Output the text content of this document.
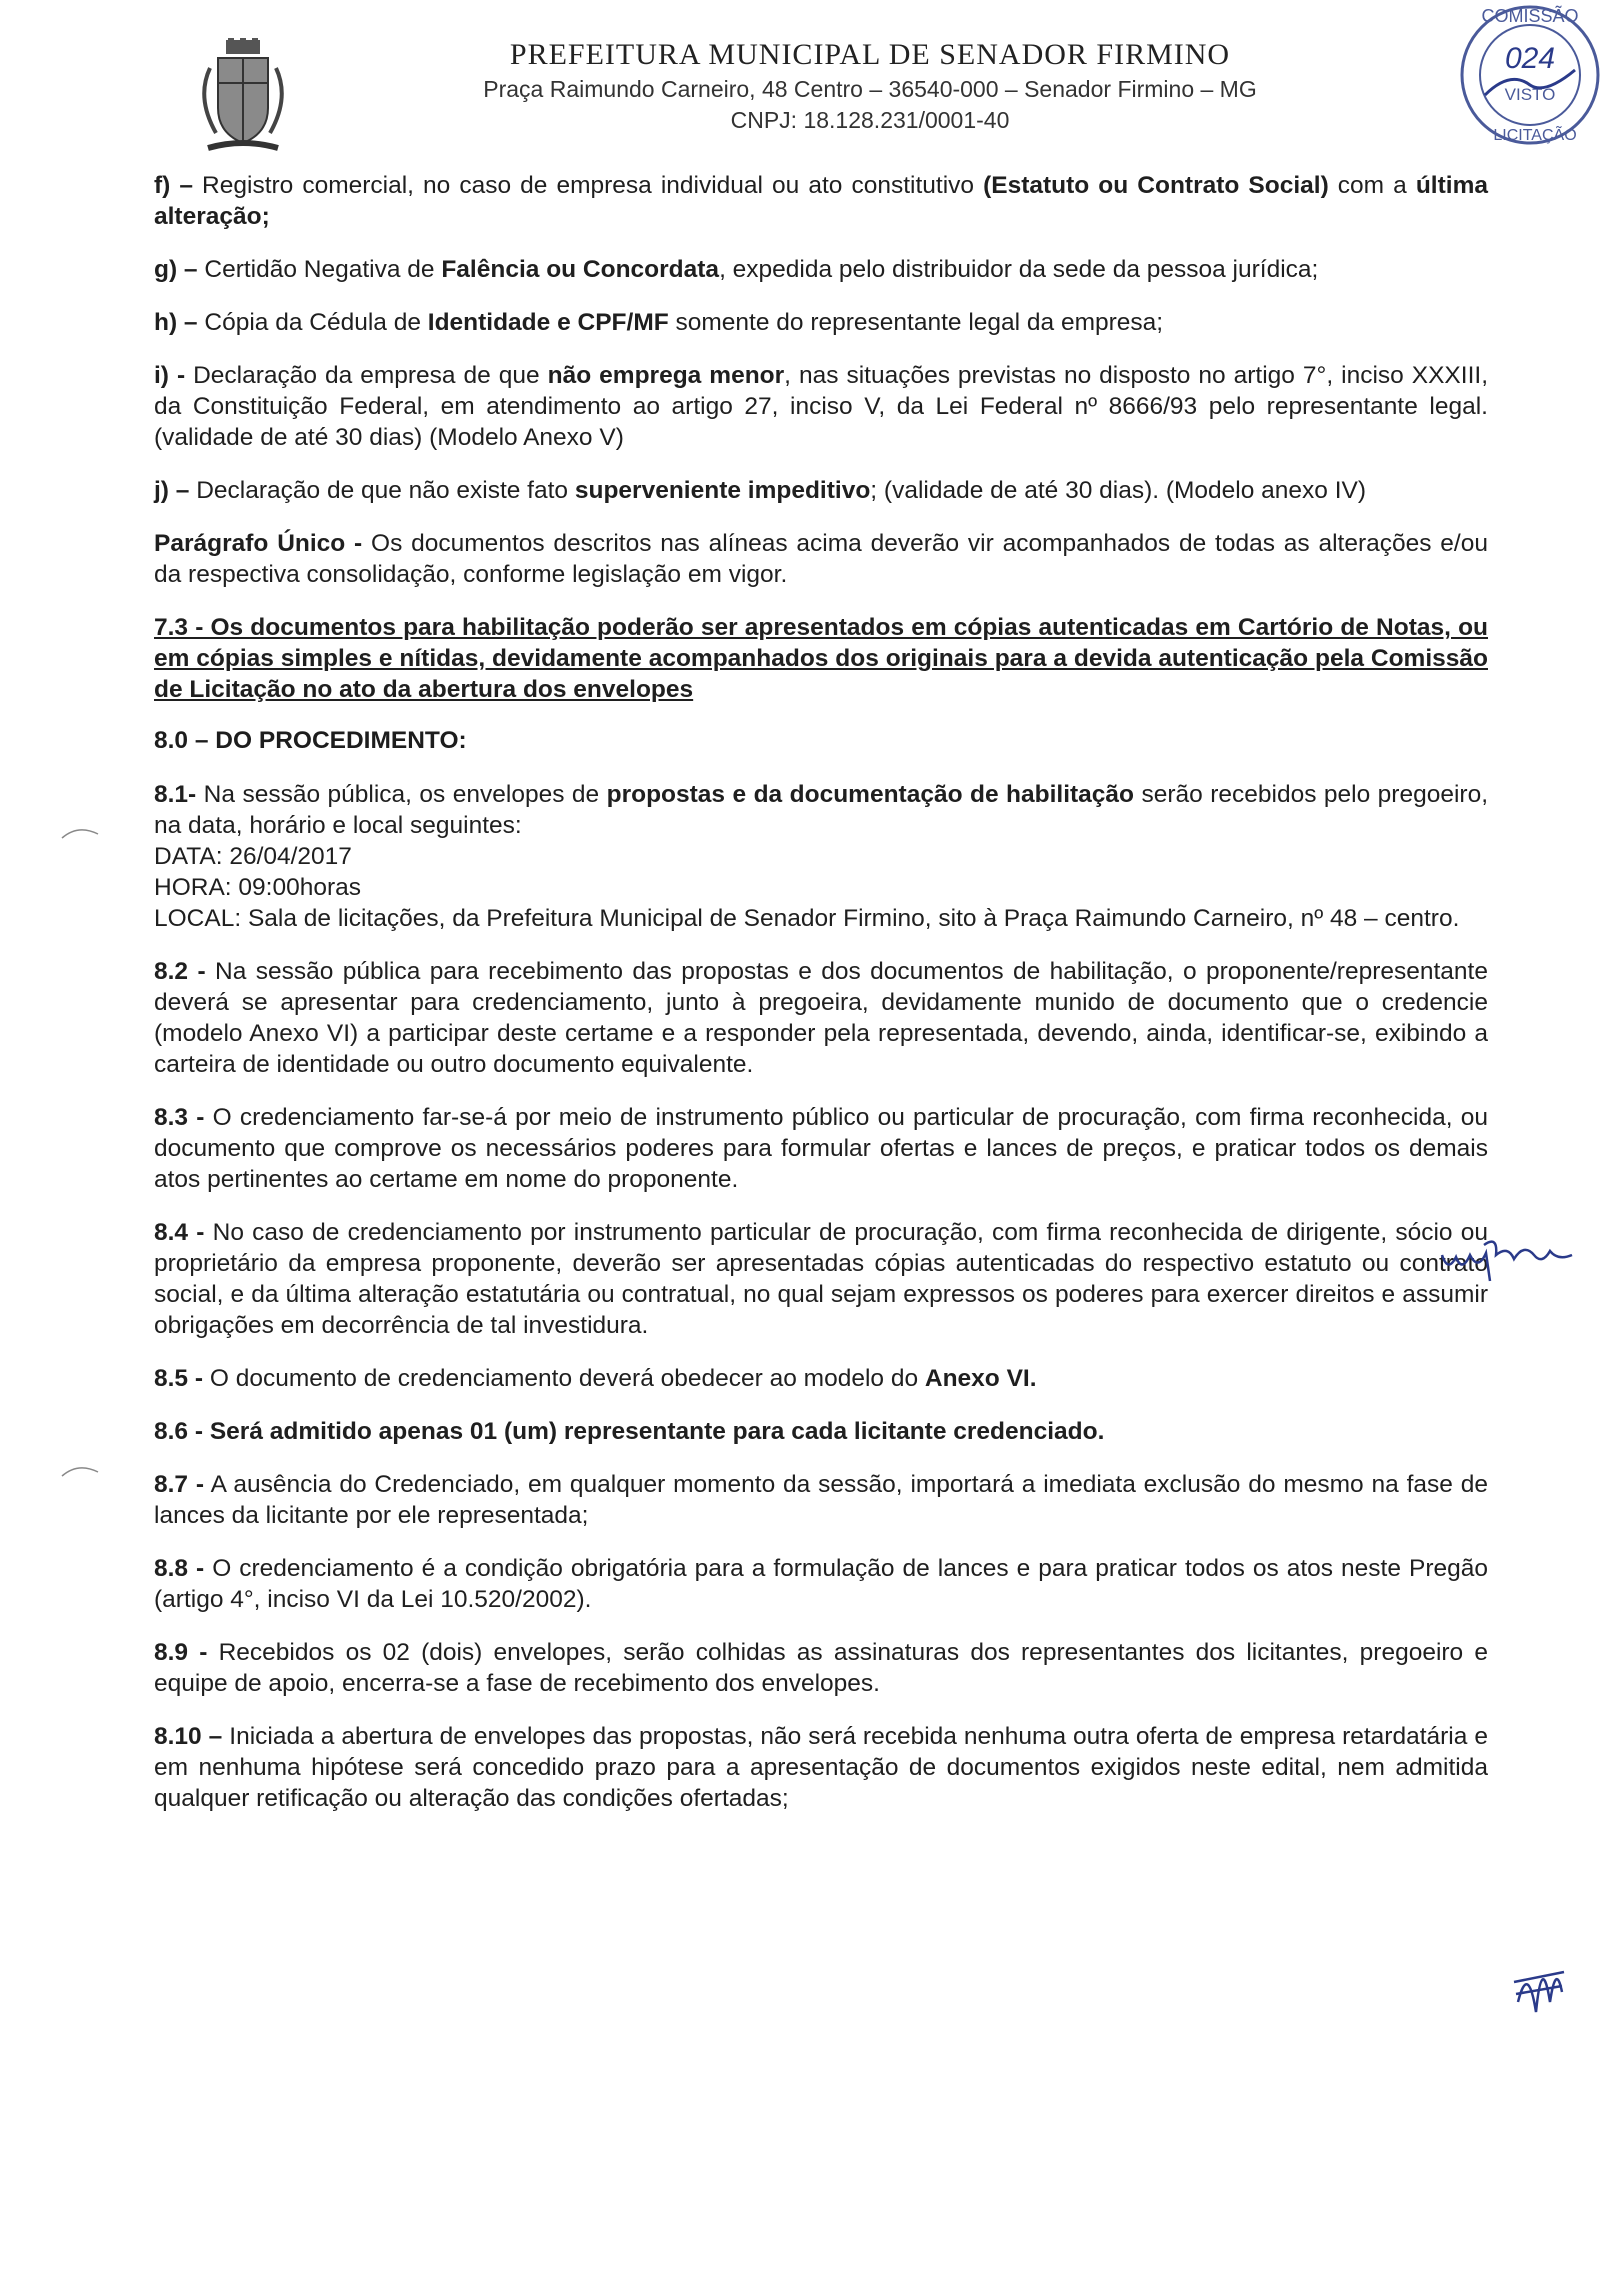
PREFEITURA MUNICIPAL DE SENADOR FIRMINO
Praça Raimundo Carneiro, 48 Centro – 36540-000 – Senador Firmino – MG
CNPJ: 18.128.231/0001-40
COMISSÃO
024
VISTO
LICITAÇÃO

f) – Registro comercial, no caso de empresa individual ou ato constitutivo (Estatuto ou Contrato Social) com a última alteração;

g) – Certidão Negativa de Falência ou Concordata, expedida pelo distribuidor da sede da pessoa jurídica;

h) – Cópia da Cédula de Identidade e CPF/MF somente do representante legal da empresa;

i) - Declaração da empresa de que não emprega menor, nas situações previstas no disposto no artigo 7°, inciso XXXIII, da Constituição Federal, em atendimento ao artigo 27, inciso V, da Lei Federal nº 8666/93 pelo representante legal. (validade de até 30 dias) (Modelo Anexo V)

j) – Declaração de que não existe fato superveniente impeditivo; (validade de até 30 dias). (Modelo anexo IV)

Parágrafo Único - Os documentos descritos nas alíneas acima deverão vir acompanhados de todas as alterações e/ou da respectiva consolidação, conforme legislação em vigor.

7.3 - Os documentos para habilitação poderão ser apresentados em cópias autenticadas em Cartório de Notas, ou em cópias simples e nítidas, devidamente acompanhados dos originais para a devida autenticação pela Comissão de Licitação no ato da abertura dos envelopes

8.0 – DO PROCEDIMENTO:

8.1- Na sessão pública, os envelopes de propostas e da documentação de habilitação serão recebidos pelo pregoeiro, na data, horário e local seguintes:
DATA: 26/04/2017
HORA: 09:00horas
LOCAL: Sala de licitações, da Prefeitura Municipal de Senador Firmino, sito à Praça Raimundo Carneiro, nº 48 – centro.

8.2 - Na sessão pública para recebimento das propostas e dos documentos de habilitação, o proponente/representante deverá se apresentar para credenciamento, junto à pregoeira, devidamente munido de documento que o credencie (modelo Anexo VI) a participar deste certame e a responder pela representada, devendo, ainda, identificar-se, exibindo a carteira de identidade ou outro documento equivalente.

8.3 - O credenciamento far-se-á por meio de instrumento público ou particular de procuração, com firma reconhecida, ou documento que comprove os necessários poderes para formular ofertas e lances de preços, e praticar todos os demais atos pertinentes ao certame em nome do proponente.

8.4 - No caso de credenciamento por instrumento particular de procuração, com firma reconhecida de dirigente, sócio ou proprietário da empresa proponente, deverão ser apresentadas cópias autenticadas do respectivo estatuto ou contrato social, e da última alteração estatutária ou contratual, no qual sejam expressos os poderes para exercer direitos e assumir obrigações em decorrência de tal investidura.

8.5 - O documento de credenciamento deverá obedecer ao modelo do Anexo VI.

8.6 - Será admitido apenas 01 (um) representante para cada licitante credenciado.

8.7 - A ausência do Credenciado, em qualquer momento da sessão, importará a imediata exclusão do mesmo na fase de lances da licitante por ele representada;

8.8 - O credenciamento é a condição obrigatória para a formulação de lances e para praticar todos os atos neste Pregão (artigo 4°, inciso VI da Lei 10.520/2002).

8.9 - Recebidos os 02 (dois) envelopes, serão colhidas as assinaturas dos representantes dos licitantes, pregoeiro e equipe de apoio, encerra-se a fase de recebimento dos envelopes.

8.10 – Iniciada a abertura de envelopes das propostas, não será recebida nenhuma outra oferta de empresa retardatária e em nenhuma hipótese será concedido prazo para a apresentação de documentos exigidos neste edital, nem admitida qualquer retificação ou alteração das condições ofertadas;
